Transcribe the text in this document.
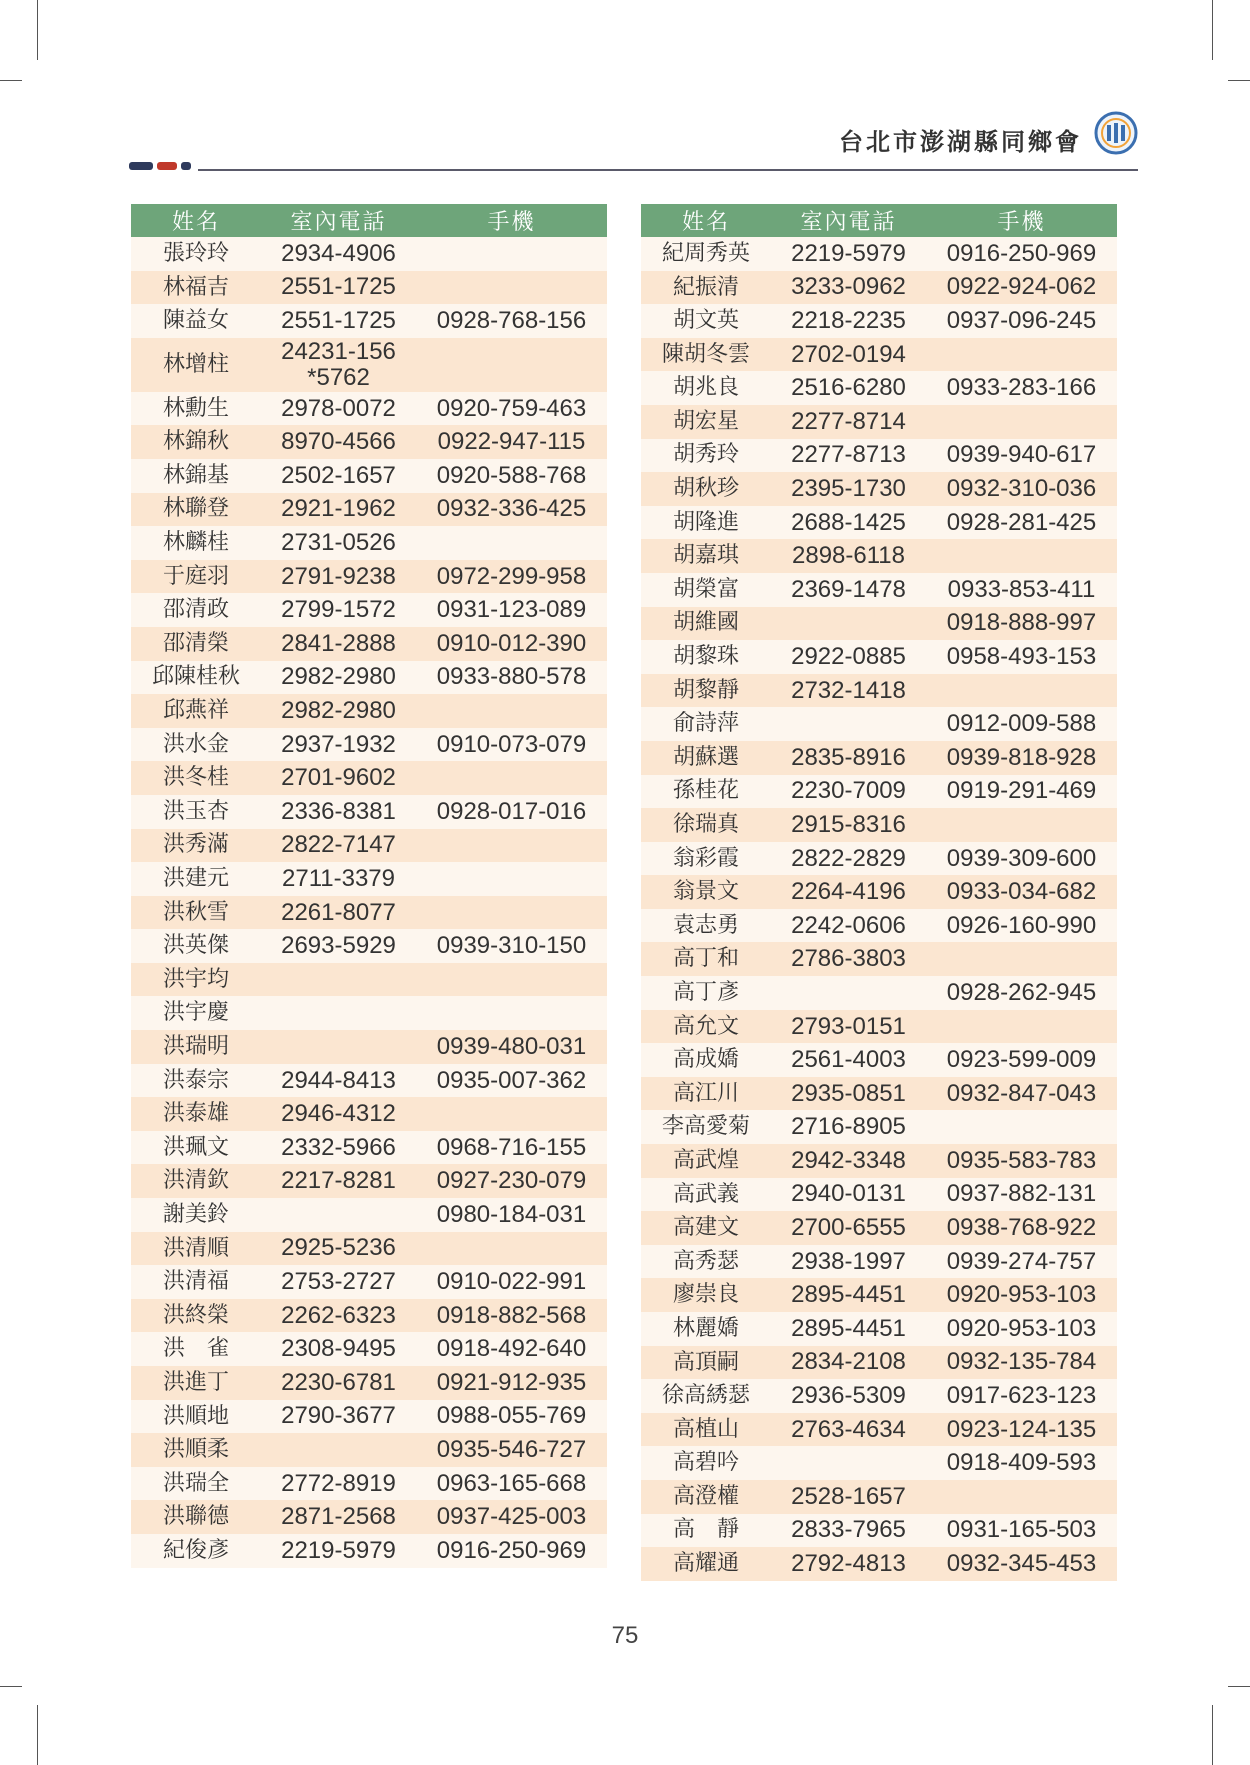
台北市澎湖縣同鄉會
姓名	室內電話	手機
張玲玲	2934-4906	
林福吉	2551-1725	
陳益女	2551-1725	0928-768-156
林增柱	24231-156
*5762	

林勳生	2978-0072	0920-759-463
林錦秋	8970-4566	0922-947-115
林錦基	2502-1657	0920-588-768
林聯登	2921-1962	0932-336-425
林麟桂	2731-0526	
于庭羽	2791-9238	0972-299-958
邵清政	2799-1572	0931-123-089
邵清榮	2841-2888	0910-012-390
邱陳桂秋	2982-2980	0933-880-578
邱燕祥	2982-2980	
洪水金	2937-1932	0910-073-079
洪冬桂	2701-9602	
洪玉杏	2336-8381	0928-017-016
洪秀滿	2822-7147	
洪建元	2711-3379	
洪秋雪	2261-8077	
洪英傑	2693-5929	0939-310-150
洪宇均		
洪宇慶		
洪瑞明		0939-480-031
洪泰宗	2944-8413	0935-007-362
洪泰雄	2946-4312	
洪珮文	2332-5966	0968-716-155
洪清欽	2217-8281	0927-230-079
謝美鈴		0980-184-031
洪清順	2925-5236	
洪清福	2753-2727	0910-022-991
洪終榮	2262-6323	0918-882-568
洪　雀	2308-9495	0918-492-640
洪進丁	2230-6781	0921-912-935
洪順地	2790-3677	0988-055-769
洪順柔		0935-546-727
洪瑞全	2772-8919	0963-165-668
洪聯德	2871-2568	0937-425-003
紀俊彥	2219-5979	0916-250-969
姓名	室內電話	手機
紀周秀英	2219-5979	0916-250-969
紀振清	3233-0962	0922-924-062
胡文英	2218-2235	0937-096-245
陳胡冬雲	2702-0194	
胡兆良	2516-6280	0933-283-166
胡宏星	2277-8714	
胡秀玲	2277-8713	0939-940-617
胡秋珍	2395-1730	0932-310-036
胡隆進	2688-1425	0928-281-425
胡嘉琪	2898-6118	
胡榮富	2369-1478	0933-853-411
胡維國		0918-888-997
胡黎珠	2922-0885	0958-493-153
胡黎靜	2732-1418	
俞詩萍		0912-009-588
胡蘇選	2835-8916	0939-818-928
孫桂花	2230-7009	0919-291-469
徐瑞真	2915-8316	
翁彩霞	2822-2829	0939-309-600
翁景文	2264-4196	0933-034-682
袁志勇	2242-0606	0926-160-990
高丁和	2786-3803	
高丁彥		0928-262-945
高允文	2793-0151	
高成嬌	2561-4003	0923-599-009
高江川	2935-0851	0932-847-043
李高愛菊	2716-8905	
高武煌	2942-3348	0935-583-783
高武義	2940-0131	0937-882-131
高建文	2700-6555	0938-768-922
高秀瑟	2938-1997	0939-274-757
廖崇良	2895-4451	0920-953-103
林麗嬌	2895-4451	0920-953-103
高頂嗣	2834-2108	0932-135-784
徐高綉瑟	2936-5309	0917-623-123
高植山	2763-4634	0923-124-135
高碧吟		0918-409-593
高澄權	2528-1657	
高　靜	2833-7965	0931-165-503
高耀通	2792-4813	0932-345-453
75
